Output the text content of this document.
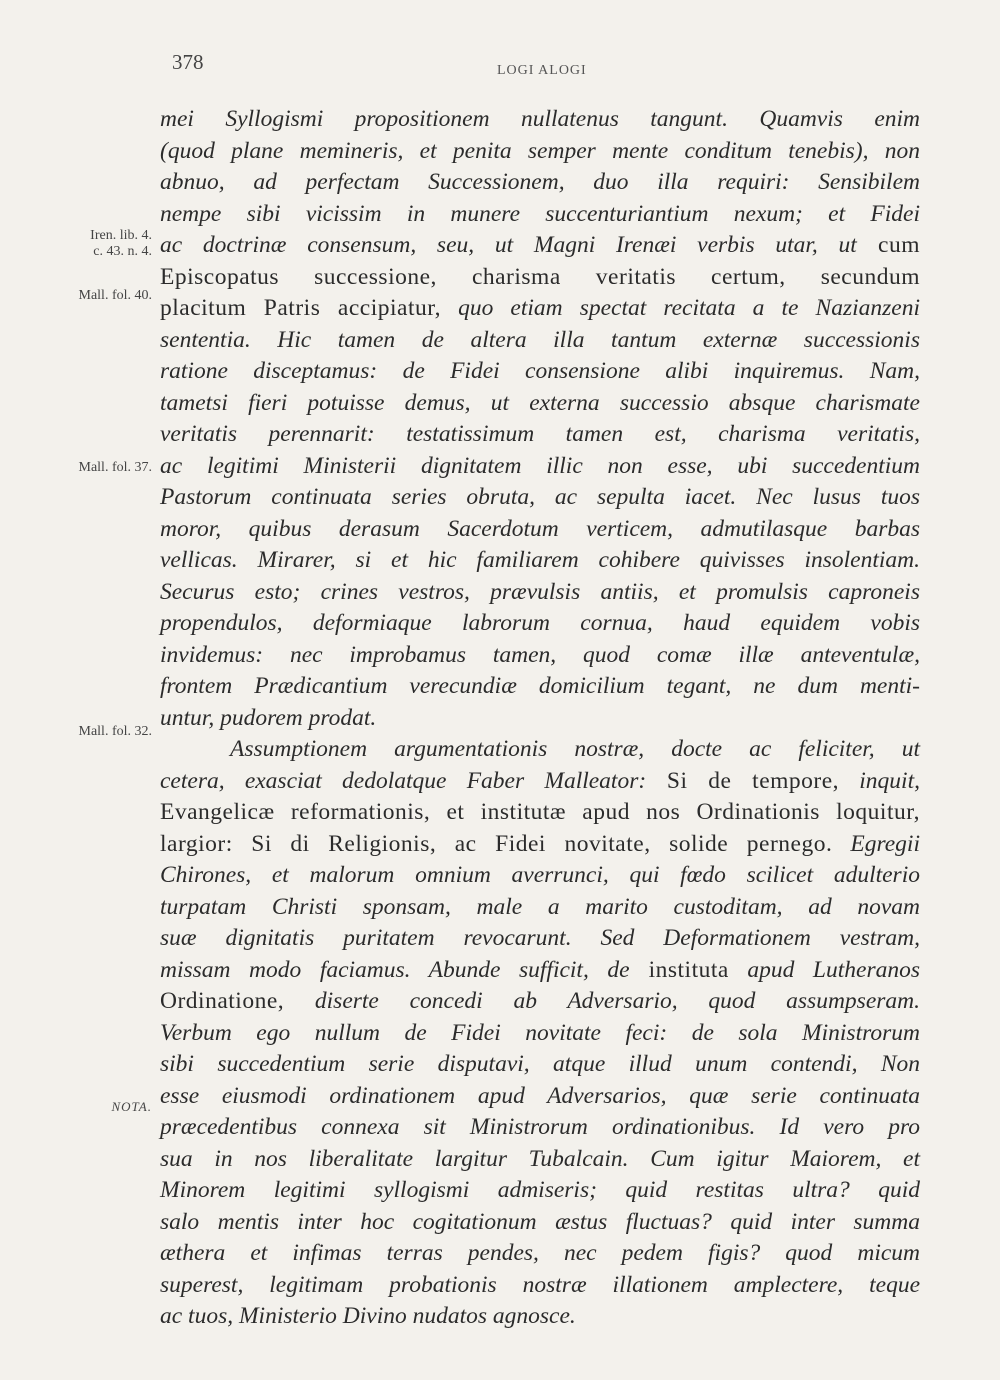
378	LOGI ALOGI
Iren. lib. 4.
c. 43. n. 4.
Mall. fol. 40.
Mall. fol. 37.
Mall. fol. 32.
NOTA.
mei Syllogismi propositionem nullatenus tangunt. Quamvis enim
(quod plane memineris, et penita semper mente conditum tenebis), non
abnuo, ad perfectam Successionem, duo illa requiri: Sensibilem
nempe sibi vicissim in munere succenturiantium nexum; et Fidei
ac doctrinæ consensum, seu, ut Magni Irenæi verbis utar, ut cum
Episcopatus successione, charisma veritatis certum, secundum
placitum Patris accipiatur, quo etiam spectat recitata a te Nazianzeni
sententia. Hic tamen de altera illa tantum externæ successionis
ratione disceptamus: de Fidei consensione alibi inquiremus. Nam,
tametsi fieri potuisse demus, ut externa successio absque charismate
veritatis perennarit: testatissimum tamen est, charisma veritatis,
ac legitimi Ministerii dignitatem illic non esse, ubi succedentium
Pastorum continuata series obruta, ac sepulta iacet. Nec lusus tuos
moror, quibus derasum Sacerdotum verticem, admutilasque barbas
vellicas. Mirarer, si et hic familiarem cohibere quivisses insolentiam.
Securus esto; crines vestros, prævulsis antiis, et promulsis caproneis
propendulos, deformiaque labrorum cornua, haud equidem vobis
invidemus: nec improbamus tamen, quod comæ illæ anteventulæ,
frontem Prædicantium verecundiæ domicilium tegant, ne dum menti-
untur, pudorem prodat.
Assumptionem argumentationis nostræ, docte ac feliciter, ut
cetera, exasciat dedolatque Faber Malleator: Si de tempore, inquit,
Evangelicæ reformationis, et institutæ apud nos Ordinationis loquitur,
largior: Si di Religionis, ac Fidei novitate, solide pernego. Egregii
Chirones, et malorum omnium averrunci, qui fœdo scilicet adulterio
turpatam Christi sponsam, male a marito custoditam, ad novam
suæ dignitatis puritatem revocarunt. Sed Deformationem vestram,
missam modo faciamus. Abunde sufficit, de instituta apud Lutheranos
Ordinatione, diserte concedi ab Adversario, quod assumpseram.
Verbum ego nullum de Fidei novitate feci: de sola Ministrorum
sibi succedentium serie disputavi, atque illud unum contendi, Non
esse eiusmodi ordinationem apud Adversarios, quæ serie continuata
præcedentibus connexa sit Ministrorum ordinationibus. Id vero pro
sua in nos liberalitate largitur Tubalcain. Cum igitur Maiorem, et
Minorem legitimi syllogismi admiseris; quid restitas ultra? quid
salo mentis inter hoc cogitationum æstus fluctuas? quid inter summa
æthera et infimas terras pendes, nec pedem figis? quod micum
superest, legitimam probationis nostræ illationem amplectere, teque
ac tuos, Ministerio Divino nudatos agnosce.
